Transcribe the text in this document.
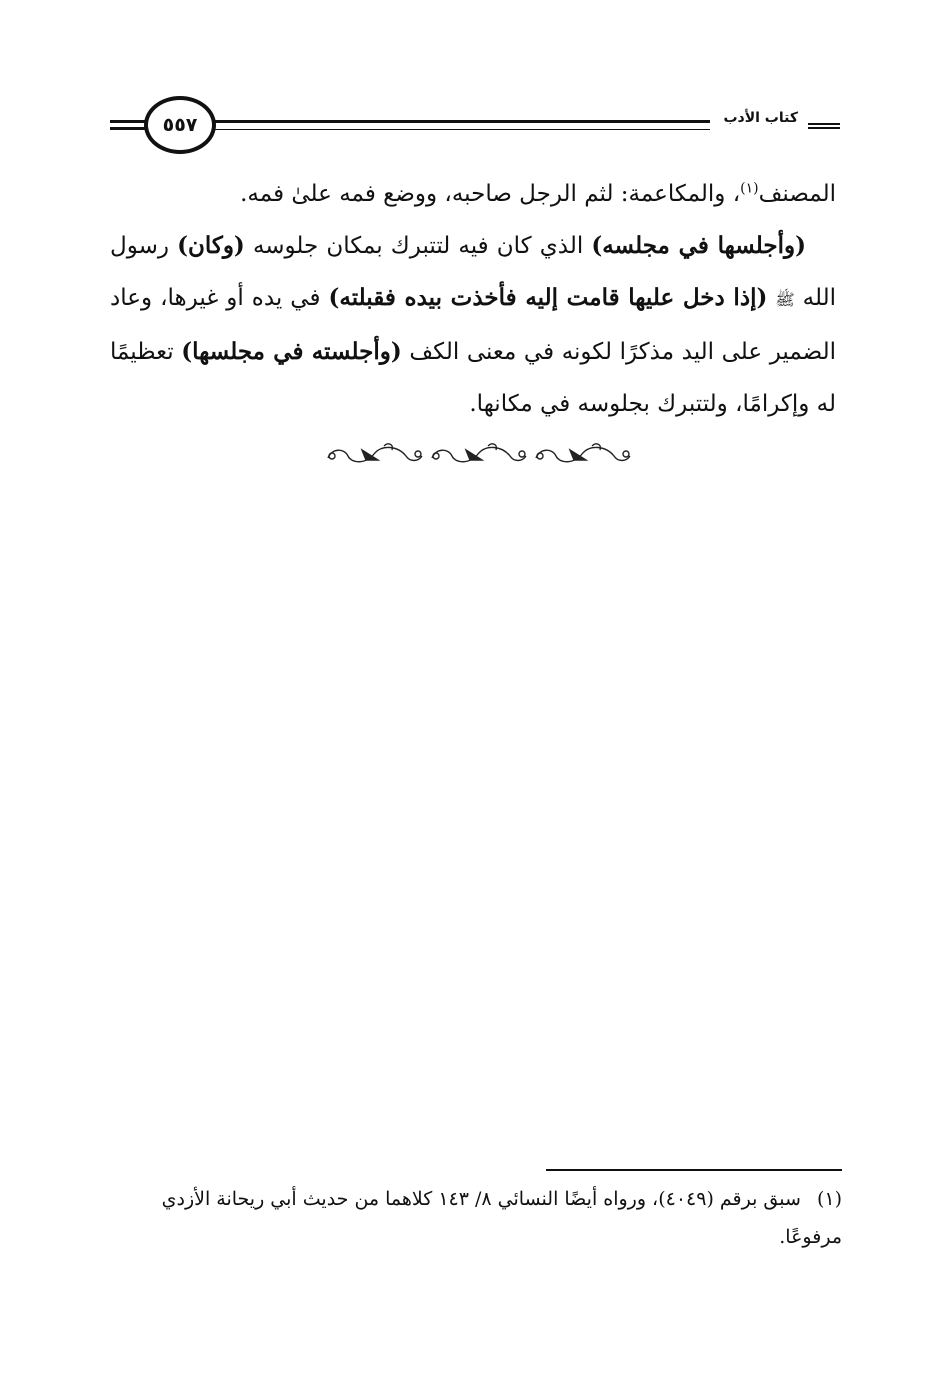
٥٥٧	كتاب الأدب

المصنف$^{(١)}$، والمكاعمة: لثم الرجل صاحبه، ووضع فمه علىٰ فمه.

(وأجلسها في مجلسه) الذي كان فيه لتتبرك بمكان جلوسه (وكان) رسول الله ﷺ (إذا دخل عليها قامت إليه فأخذت بيده فقبلته) في يده أو غيرها، وعاد الضمير على اليد مذكرًا لكونه في معنى الكف (وأجلسته في مجلسها) تعظيمًا له وإكرامًا، ولتتبرك بجلوسه في مكانها.

(١)سبق برقم (٤٠٤٩)، ورواه أيضًا النسائي ٨/ ١٤٣ كلاهما من حديث أبي ريحانة الأزدي مرفوعًا.
